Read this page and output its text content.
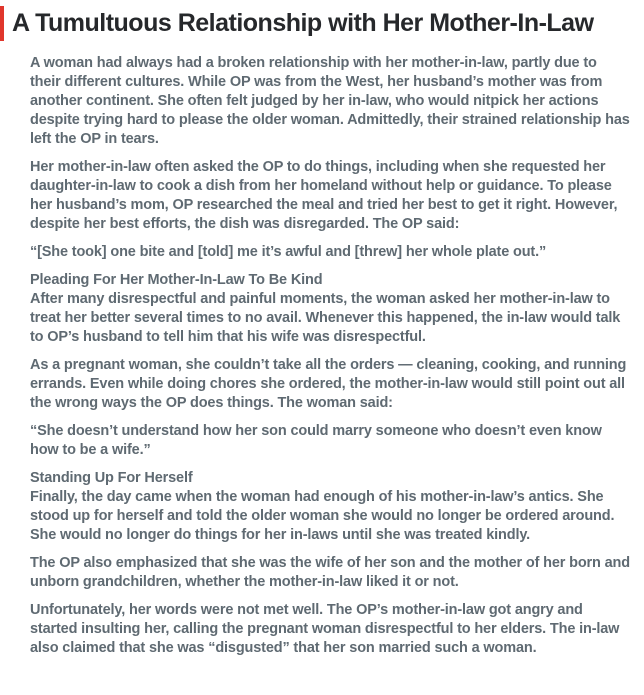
A Tumultuous Relationship with Her Mother-In-Law

A woman had always had a broken relationship with her mother-in-law, partly due to their different cultures. While OP was from the West, her husband’s mother was from another continent. She often felt judged by her in-law, who would nitpick her actions despite trying hard to please the older woman. Admittedly, their strained relationship has left the OP in tears.

Her mother-in-law often asked the OP to do things, including when she requested her daughter-in-law to cook a dish from her homeland without help or guidance. To please her husband’s mom, OP researched the meal and tried her best to get it right. However, despite her best efforts, the dish was disregarded. The OP said:

“[She took] one bite and [told] me it’s awful and [threw] her whole plate out.”

Pleading For Her Mother-In-Law To Be Kind
After many disrespectful and painful moments, the woman asked her mother-in-law to treat her better several times to no avail. Whenever this happened, the in-law would talk to OP’s husband to tell him that his wife was disrespectful.

As a pregnant woman, she couldn’t take all the orders — cleaning, cooking, and running errands. Even while doing chores she ordered, the mother-in-law would still point out all the wrong ways the OP does things. The woman said:

“She doesn’t understand how her son could marry someone who doesn’t even know how to be a wife.”

Standing Up For Herself
Finally, the day came when the woman had enough of his mother-in-law’s antics. She stood up for herself and told the older woman she would no longer be ordered around. She would no longer do things for her in-laws until she was treated kindly.

The OP also emphasized that she was the wife of her son and the mother of her born and unborn grandchildren, whether the mother-in-law liked it or not.

Unfortunately, her words were not met well. The OP’s mother-in-law got angry and started insulting her, calling the pregnant woman disrespectful to her elders. The in-law also claimed that she was “disgusted” that her son married such a woman.
